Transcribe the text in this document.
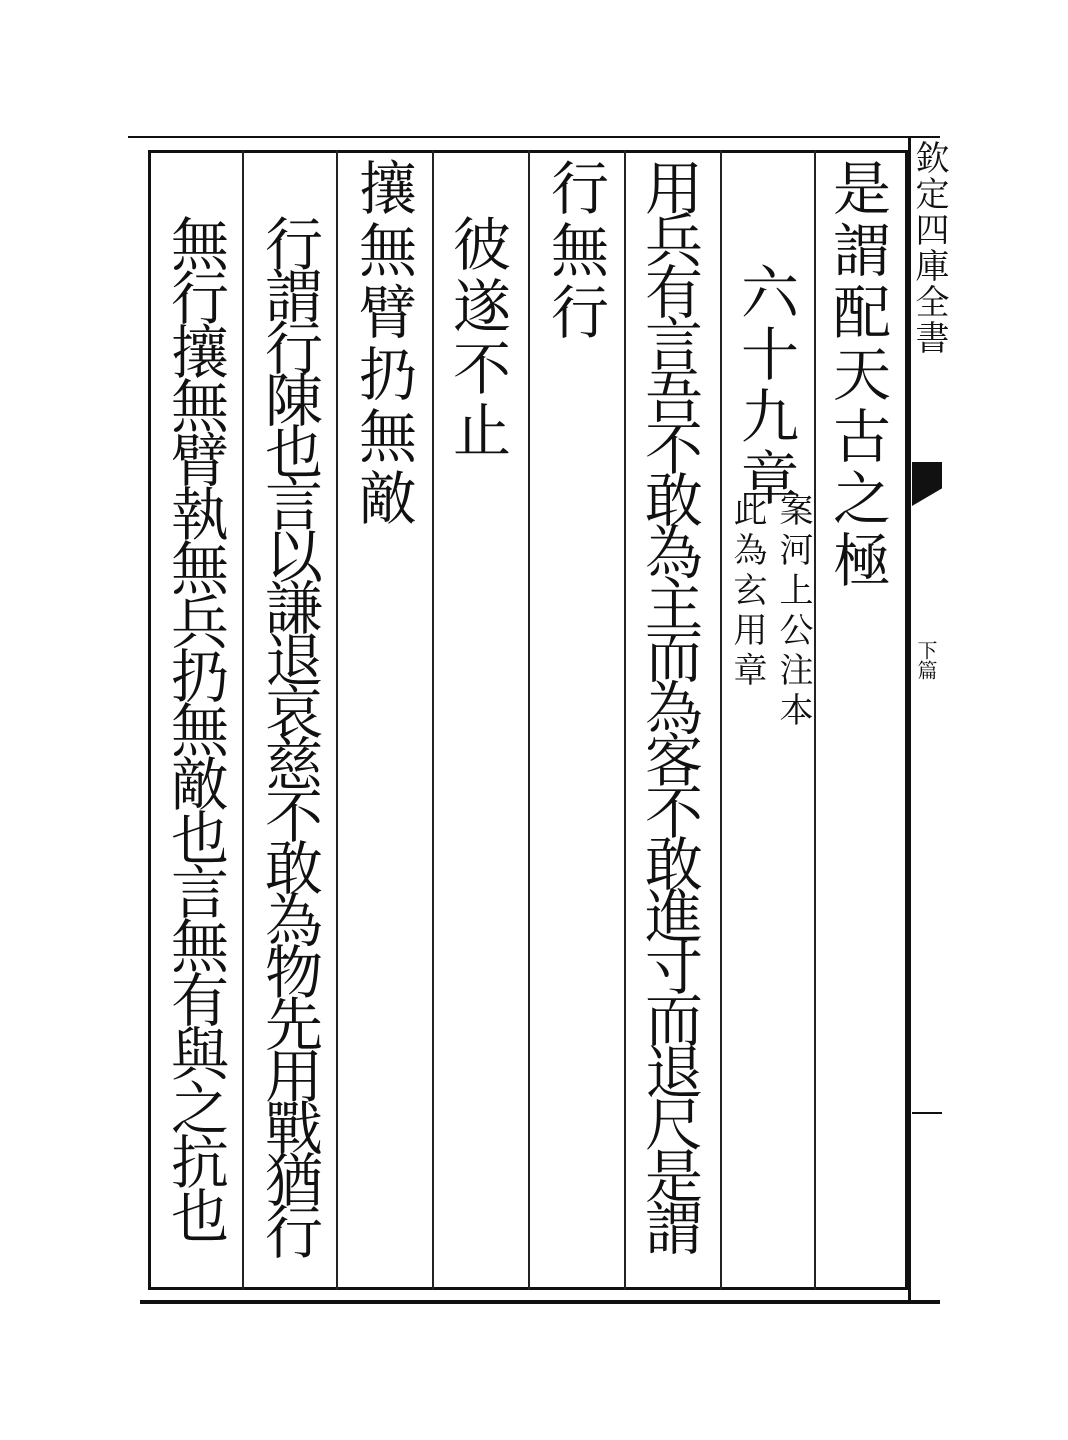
是謂配天古之極
六十九章
案河上公注本
此為玄用章
用兵有言吾不敢為主而為客不敢進寸而退尺是謂
行無行
彼遂不止
攘無臂扔無敵
行謂行陳也言以謙退哀慈不敢為物先用戰猶行
無行攘無臂執無兵扔無敵也言無有與之抗也	欽定四庫全書
下篇
